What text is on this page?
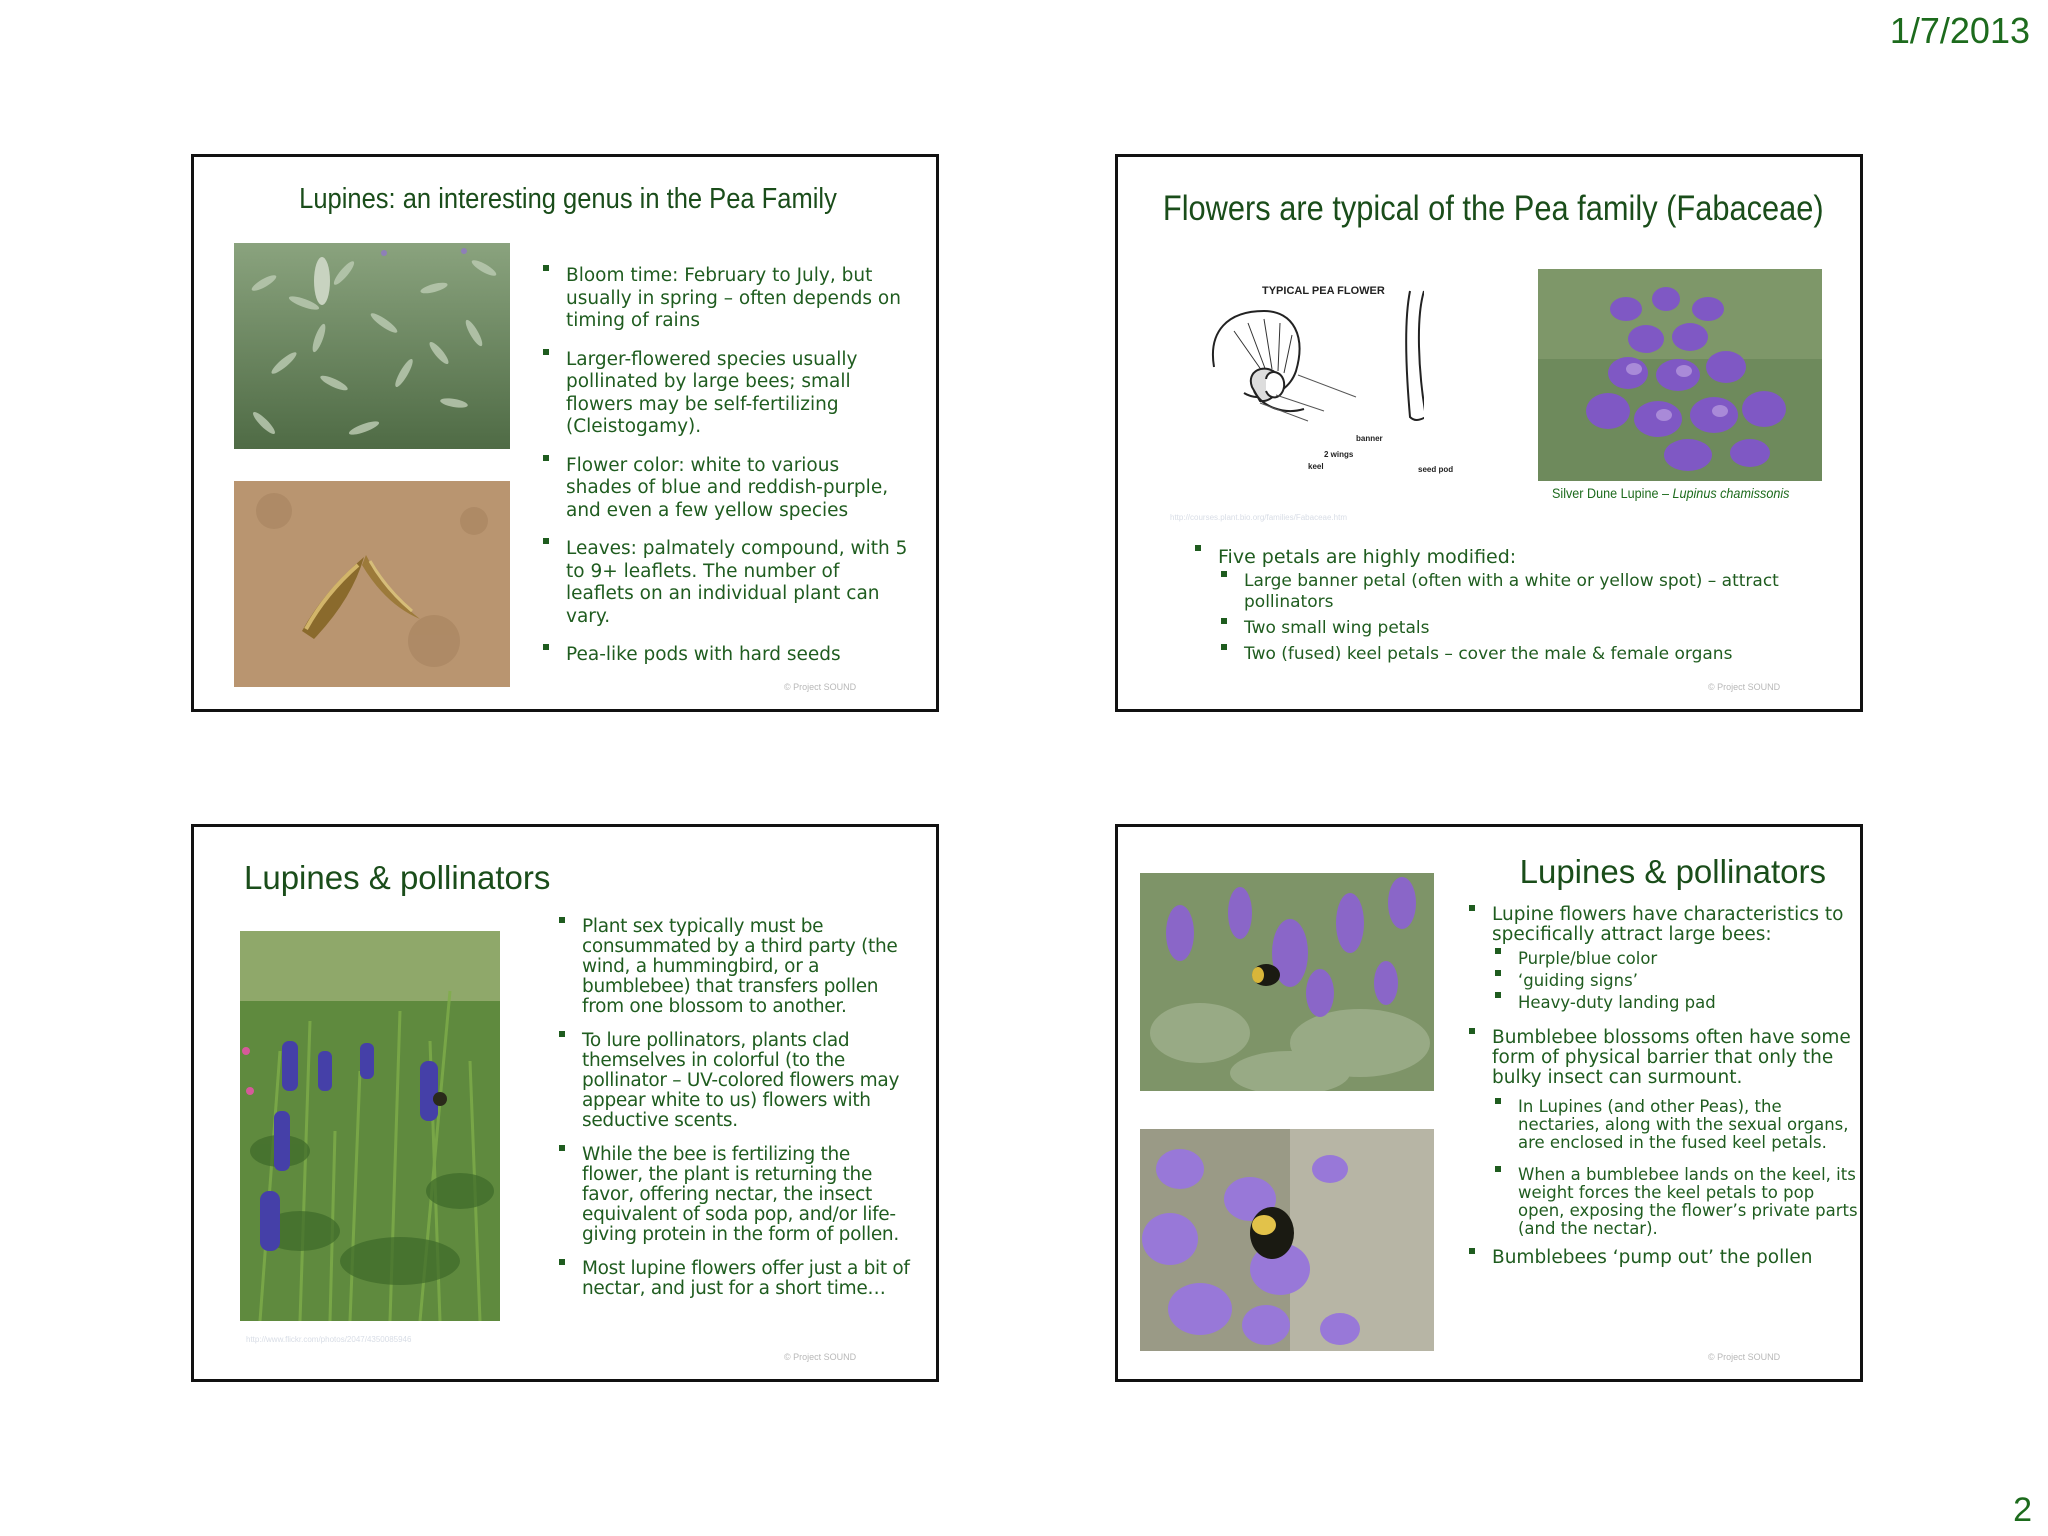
1/7/2013
Lupines: an interesting genus in the Pea Family
Bloom time: February to July, but usually in spring – often depends on timing of rains
Larger-flowered species usually pollinated by large bees; small flowers may be self-fertilizing (Cleistogamy).
Flower color: white to various shades of blue and reddish-purple, and even a few yellow species
Leaves: palmately compound, with 5 to 9+ leaflets. The number of leaflets on an individual plant can vary.
Pea-like pods with hard seeds
© Project SOUND
Flowers are typical of the Pea family (Fabaceae)
TYPICAL PEA FLOWER
banner
2 wings
keel	seed pod
Silver Dune Lupine – Lupinus chamissonis
http://courses.plant.bio.org/families/Fabaceae.htm
Five petals are highly modified:
Large banner petal (often with a white or yellow spot) – attract pollinators
Two small wing petals
Two (fused) keel petals – cover the male & female organs
© Project SOUND
Lupines & pollinators
http://www.flickr.com/photos/2047/4350085946
Plant sex typically must be consummated by a third party (the wind, a hummingbird, or a bumblebee) that transfers pollen from one blossom to another.
To lure pollinators, plants clad themselves in colorful (to the pollinator – UV-colored flowers may appear white to us) flowers with seductive scents.
While the bee is fertilizing the flower, the plant is returning the favor, offering nectar, the insect equivalent of soda pop, and/or life-giving protein in the form of pollen.
Most lupine flowers offer just a bit of nectar, and just for a short time…
© Project SOUND
Lupines & pollinators
Lupine flowers have characteristics to specifically attract large bees:
Purple/blue color
‘guiding signs’
Heavy-duty landing pad
Bumblebee blossoms often have some form of physical barrier that only the bulky insect can surmount.
In Lupines (and other Peas), the nectaries, along with the sexual organs, are enclosed in the fused keel petals.
When a bumblebee lands on the keel, its weight forces the keel petals to pop open, exposing the flower’s private parts (and the nectar).
Bumblebees ‘pump out’ the pollen
© Project SOUND
2
